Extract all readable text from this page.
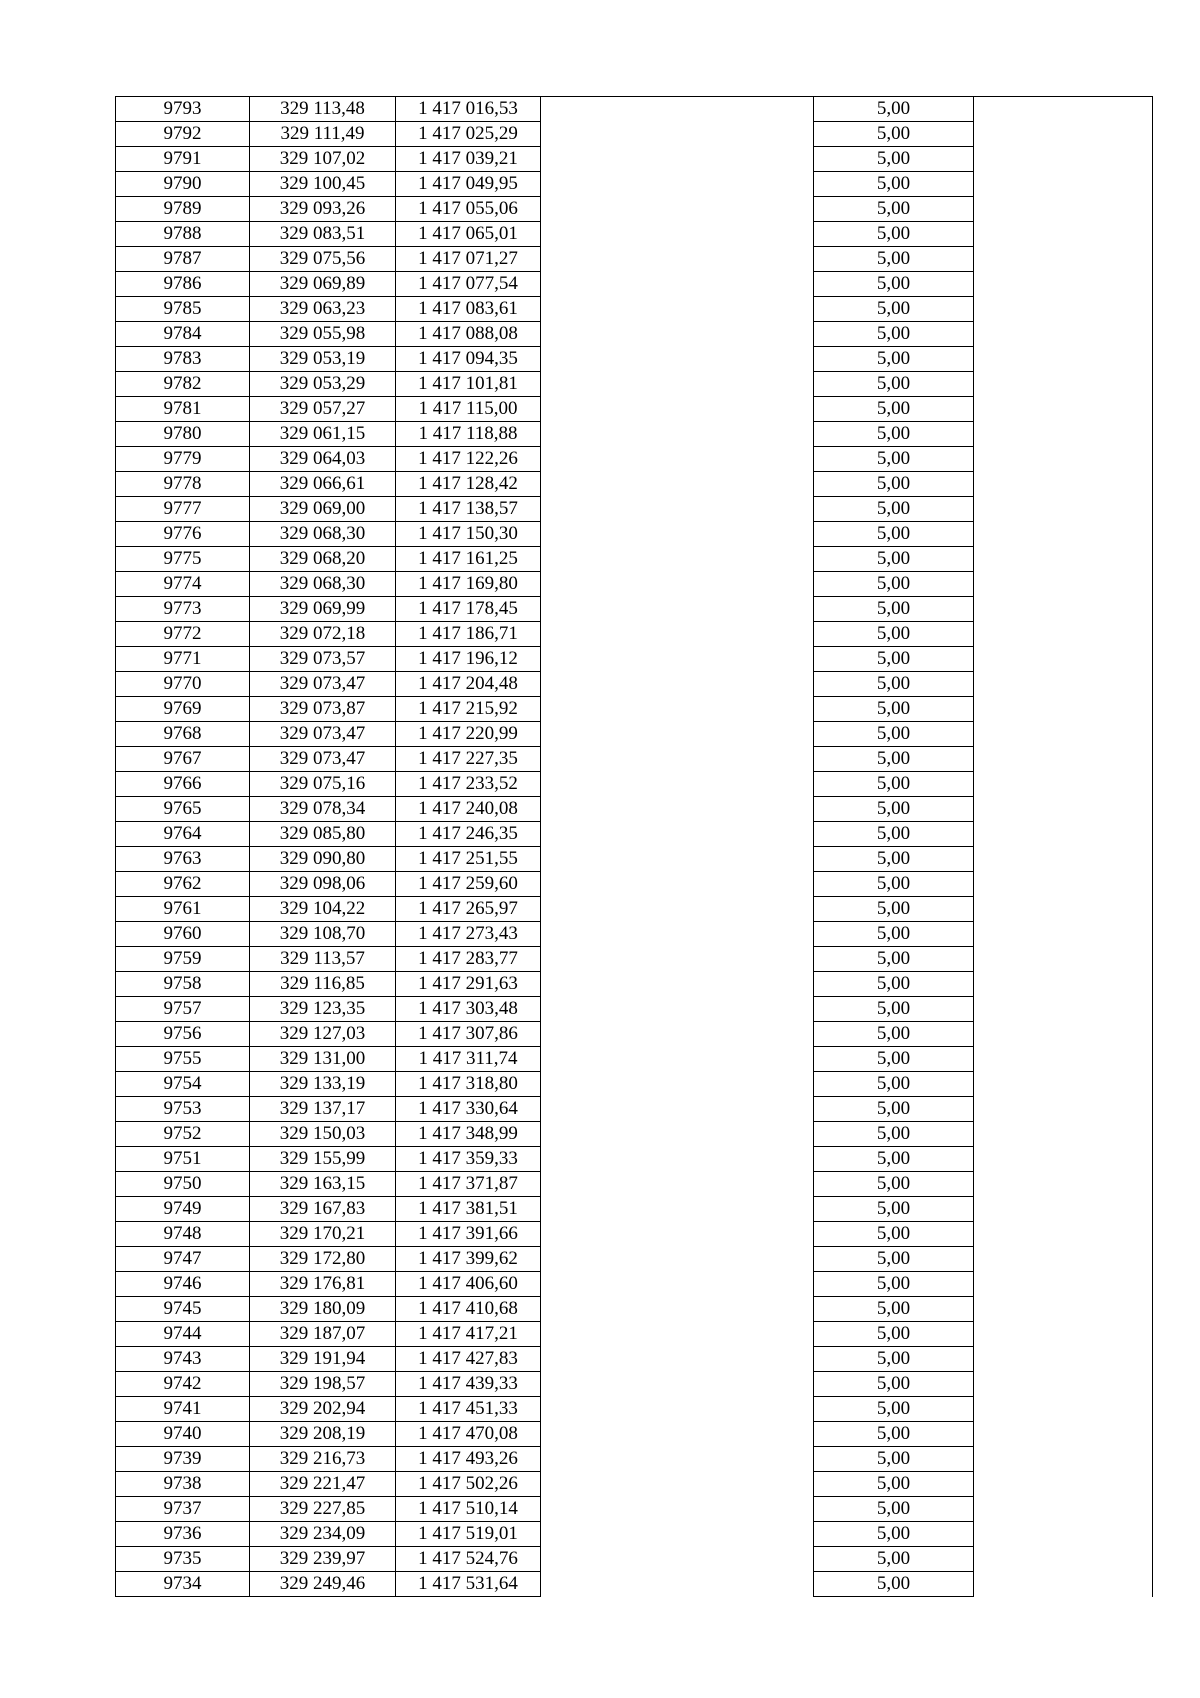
9793	329 113,48	1 417 016,53		5,00	
9792	329 111,49	1 417 025,29		5,00	
9791	329 107,02	1 417 039,21		5,00	
9790	329 100,45	1 417 049,95		5,00	
9789	329 093,26	1 417 055,06		5,00	
9788	329 083,51	1 417 065,01		5,00	
9787	329 075,56	1 417 071,27		5,00	
9786	329 069,89	1 417 077,54		5,00	
9785	329 063,23	1 417 083,61		5,00	
9784	329 055,98	1 417 088,08		5,00	
9783	329 053,19	1 417 094,35		5,00	
9782	329 053,29	1 417 101,81		5,00	
9781	329 057,27	1 417 115,00		5,00	
9780	329 061,15	1 417 118,88		5,00	
9779	329 064,03	1 417 122,26		5,00	
9778	329 066,61	1 417 128,42		5,00	
9777	329 069,00	1 417 138,57		5,00	
9776	329 068,30	1 417 150,30		5,00	
9775	329 068,20	1 417 161,25		5,00	
9774	329 068,30	1 417 169,80		5,00	
9773	329 069,99	1 417 178,45		5,00	
9772	329 072,18	1 417 186,71		5,00	
9771	329 073,57	1 417 196,12		5,00	
9770	329 073,47	1 417 204,48		5,00	
9769	329 073,87	1 417 215,92		5,00	
9768	329 073,47	1 417 220,99		5,00	
9767	329 073,47	1 417 227,35		5,00	
9766	329 075,16	1 417 233,52		5,00	
9765	329 078,34	1 417 240,08		5,00	
9764	329 085,80	1 417 246,35		5,00	
9763	329 090,80	1 417 251,55		5,00	
9762	329 098,06	1 417 259,60		5,00	
9761	329 104,22	1 417 265,97		5,00	
9760	329 108,70	1 417 273,43		5,00	
9759	329 113,57	1 417 283,77		5,00	
9758	329 116,85	1 417 291,63		5,00	
9757	329 123,35	1 417 303,48		5,00	
9756	329 127,03	1 417 307,86		5,00	
9755	329 131,00	1 417 311,74		5,00	
9754	329 133,19	1 417 318,80		5,00	
9753	329 137,17	1 417 330,64		5,00	
9752	329 150,03	1 417 348,99		5,00	
9751	329 155,99	1 417 359,33		5,00	
9750	329 163,15	1 417 371,87		5,00	
9749	329 167,83	1 417 381,51		5,00	
9748	329 170,21	1 417 391,66		5,00	
9747	329 172,80	1 417 399,62		5,00	
9746	329 176,81	1 417 406,60		5,00	
9745	329 180,09	1 417 410,68		5,00	
9744	329 187,07	1 417 417,21		5,00	
9743	329 191,94	1 417 427,83		5,00	
9742	329 198,57	1 417 439,33		5,00	
9741	329 202,94	1 417 451,33		5,00	
9740	329 208,19	1 417 470,08		5,00	
9739	329 216,73	1 417 493,26		5,00	
9738	329 221,47	1 417 502,26		5,00	
9737	329 227,85	1 417 510,14		5,00	
9736	329 234,09	1 417 519,01		5,00	
9735	329 239,97	1 417 524,76		5,00	
9734	329 249,46	1 417 531,64		5,00	
